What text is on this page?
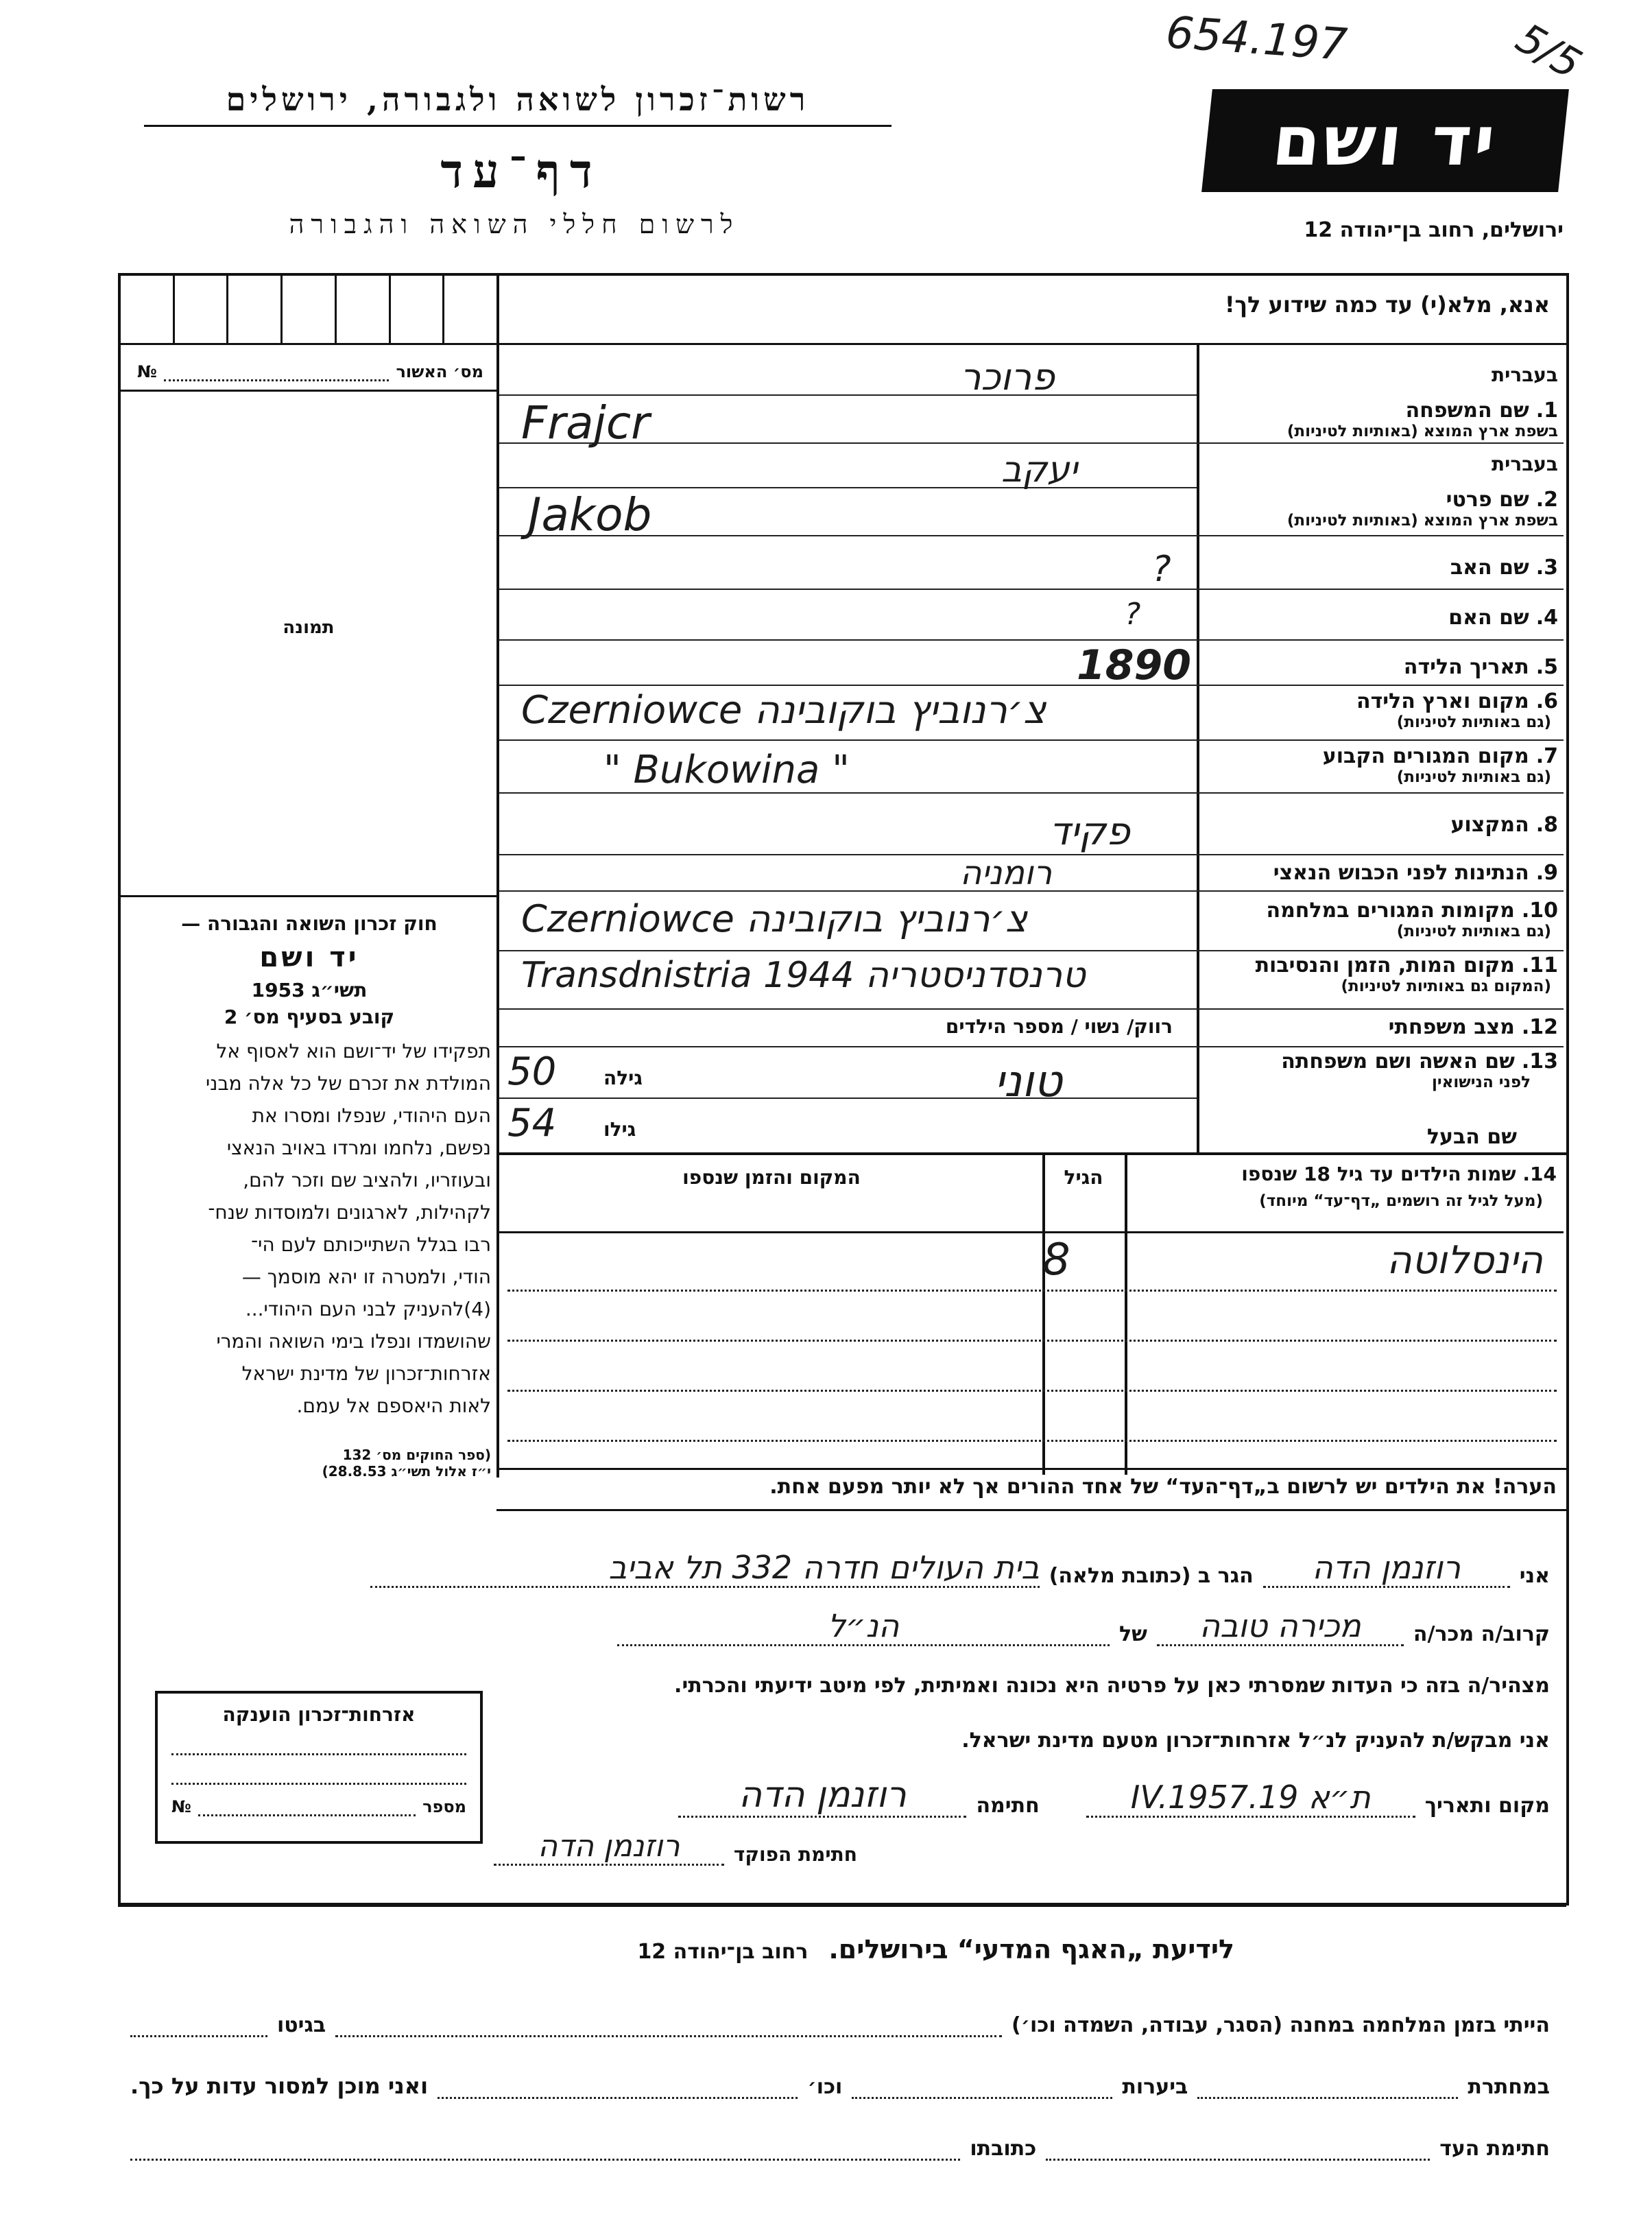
654.197	5/5
רשות־זכרון לשואה ולגבורה, ירושלים
דף־עד
לרשום חללי השואה והגבורה
יד ושם
ירושלים, רחוב בן־יהודה 12
אנא, מלא(י) עד כמה שידוע לך!
מס׳ האשור
№
תמונה
חוק זכרון השואה והגבורה —
יד ושם
תשי״ג 1953
קובע בסעיף מס׳ 2
תפקידו של יד־ושם הוא לאסוף אל
המולדת את זכרם של כל אלה מבני
העם היהודי, שנפלו ומסרו את
נפשם, נלחמו ומרדו באויב הנאצי
ובעוזריו, ולהציב שם וזכר להם,
לקהילות, לארגונים ולמוסדות שנח־
רבו בגלל השתייכותם לעם הי־
הודי, ולמטרה זו יהא מוסמך —
(4)להעניק לבני העם היהודי...
שהושמדו ונפלו בימי השואה והמרי
אזרחות־זכרון של מדינת ישראל
לאות היאספם אל עמם.
(ספר החוקים מס׳ 132
י״ז אלול תשי״ג 28.8.53)
בעברית
1.
שם המשפחה
בשפת ארץ המוצא (באותיות לטיניות)
בעברית
2.
שם פרטי
בשפת ארץ המוצא (באותיות לטיניות)
3.
שם האב
4.
שם האם
5.
תאריך הלידה
6.
מקום וארץ הלידה
(גם באותיות לטיניות)
7.
מקום המגורים הקבוע
(גם באותיות לטיניות)
8.
המקצוע
9.
הנתינות לפני הכבוש הנאצי
10.
מקומות המגורים במלחמה
(גם באותיות לטיניות)
11.
מקום המות, הזמן והנסיבות
(המקום גם באותיות לטיניות)
12.
מצב משפחתי
13.
שם האשה ושם משפחתה
לפני הנישואין
שם הבעל
פרוכר
Frajcr
יעקב
Jakob
?
?
1890
Czerniowce צ׳רנוביץ בוקובינה
" Bukowina "
פקיד
רומניה
Czerniowce צ׳רנוביץ בוקובינה
Transdnistria 1944 טרנסדניסטריה
רווק/ נשוי / מספר הילדים
טוני
גילה
50
גילו
54
14. שמות הילדים עד גיל 18 שנספו
(מעל לגיל זה רושמים „דף־עד“ מיוחד)
הגיל
המקום והזמן שנספו
הינסלוטה
8
הערה! את הילדים יש לרשום ב„דף־העד“ של אחד ההורים אך לא יותר מפעם אחת.
אני
רוזנמן הדה
הגר ב (כתובת מלאה)
בית העולים חדרה 332 תל אביב
קרוב/ה מכר/ה
מכירה טובה
של
הנ״ל
מצהיר/ה בזה כי העדות שמסרתי כאן על פרטיה היא נכונה ואמיתית, לפי מיטב ידיעתי והכרתי.
אני מבקש/ת להעניק לנ״ל אזרחות־זכרון מטעם מדינת ישראל.
מקום ותאריך
ת״א 19.IV.1957
חתימה
רוזנמן הדה
חתימת הפוקד
רוזנמן הדה
אזרחות־זכרון הוענקה
מספר
№
לידיעת „האגף המדעי“ בירושלים.
רחוב בן־יהודה 12
הייתי בזמן המלחמה במחנה (הסגר, עבודה, השמדה וכו׳)
בגיטו
במחתרת
ביערות
וכו׳
ואני מוכן למסור עדות על כך.
חתימת העד
כתובתו
